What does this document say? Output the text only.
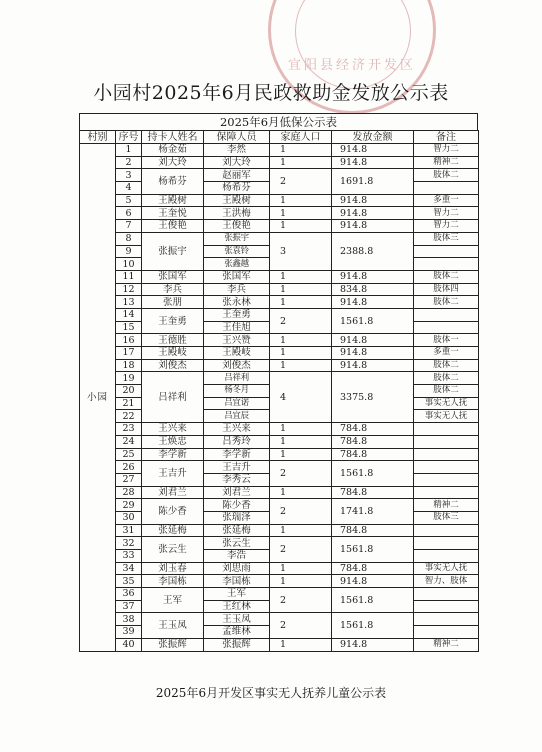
宜阳县经济开发区
小园村2025年6月民政救助金发放公示表
2025年6月低保公示表
村别	序号	持卡人姓名	保障人员	家庭人口	发放金额	备注
小园	1	杨金茹	李然	1	914.8	智力二
	2	刘大玲	刘大玲	1	914.8	精神二
	3	杨希芬	赵丽军	2	1691.8	肢体二
	4		杨希芬			
	5	王殿树	王殿树	1	914.8	多重一
	6	王奎悦	王洪梅	1	914.8	智力二
	7	王俊艳	王俊艳	1	914.8	智力二
	8	张振宇	张振宇	3	2388.8	肢体三
	9		张袁铃			
	10		张鑫越			
	11	张国军	张国军	1	914.8	肢体二
	12	李兵	李兵	1	834.8	肢体四
	13	张朋	张永林	1	914.8	肢体二
	14	王奎勇	王奎勇	2	1561.8	
	15		王佳旭			
	16	王德胜	王兴赞	1	914.8	肢体一
	17	王殿岐	王殿岐	1	914.8	多重一
	18	刘俊杰	刘俊杰	1	914.8	肢体二
	19	吕祥利	吕祥利	4	3375.8	肢体二
	20		杨冬月			肢体二
	21		吕宜诺			事实无人抚
	22		吕宜辰			事实无人抚
	23	王兴来	王兴来	1	784.8	
	24	王焕忠	吕秀玲	1	784.8	
	25	李学新	李学新	1	784.8	
	26	王吉升	王吉升	2	1561.8	
	27		李秀云			
	28	刘君兰	刘君兰	1	784.8	
	29	陈少香	陈少香	2	1741.8	精神二
	30		张瑞泽			肢体三
	31	张延梅	张延梅	1	784.8	
	32	张云生	张云生	2	1561.8	
	33		李浩			
	34	刘玉春	刘思雨	1	784.8	事实无人抚
	35	李国栋	李国栋	1	914.8	智力、肢体
	36	王军	王军	2	1561.8	
	37		王红林			
	38	王玉凤	王玉凤	2	1561.8	
	39		孟维林			
	40	张振辉	张振辉	1	914.8	精神二
2025年6月开发区事实无人抚养儿童公示表
